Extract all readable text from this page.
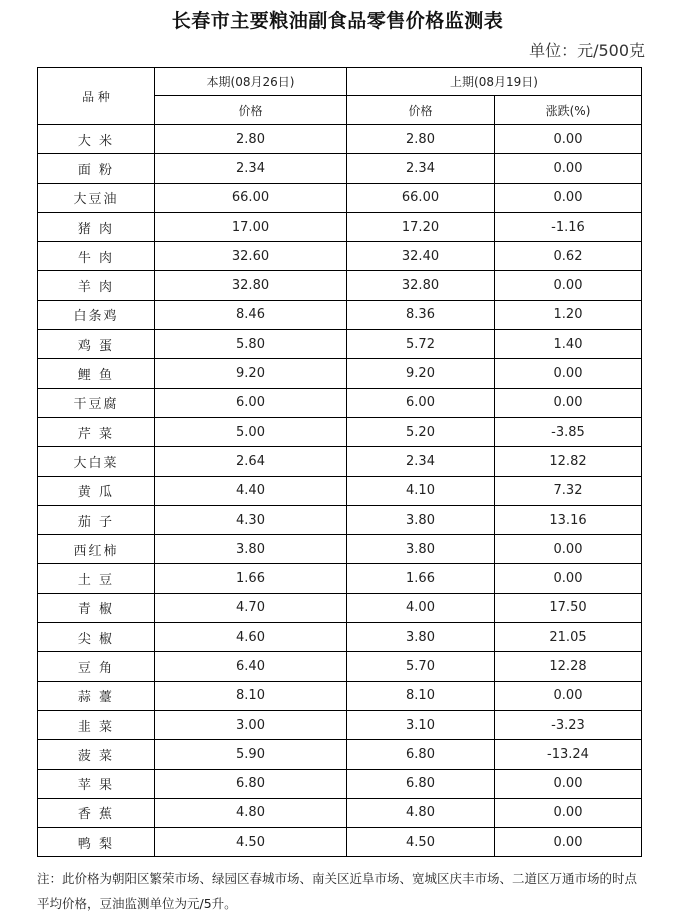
长春市主要粮油副食品零售价格监测表
单位：元/500克
品 种	本期(08月26日)	上期(08月19日)	
	价格	价格	涨跌(%)
大 米	2.80	2.80	0.00
面 粉	2.34	2.34	0.00
大豆油	66.00	66.00	0.00
猪 肉	17.00	17.20	-1.16
牛 肉	32.60	32.40	0.62
羊 肉	32.80	32.80	0.00
白条鸡	8.46	8.36	1.20
鸡 蛋	5.80	5.72	1.40
鲤 鱼	9.20	9.20	0.00
干豆腐	6.00	6.00	0.00
芹 菜	5.00	5.20	-3.85
大白菜	2.64	2.34	12.82
黄 瓜	4.40	4.10	7.32
茄 子	4.30	3.80	13.16
西红柿	3.80	3.80	0.00
土 豆	1.66	1.66	0.00
青 椒	4.70	4.00	17.50
尖 椒	4.60	3.80	21.05
豆 角	6.40	5.70	12.28
蒜 薹	8.10	8.10	0.00
韭 菜	3.00	3.10	-3.23
菠 菜	5.90	6.80	-13.24
苹 果	6.80	6.80	0.00
香 蕉	4.80	4.80	0.00
鸭 梨	4.50	4.50	0.00
注：此价格为朝阳区繁荣市场、绿园区春城市场、南关区近阜市场、宽城区庆丰市场、二道区万通市场的时点平均价格，豆油监测单位为元/5升。
